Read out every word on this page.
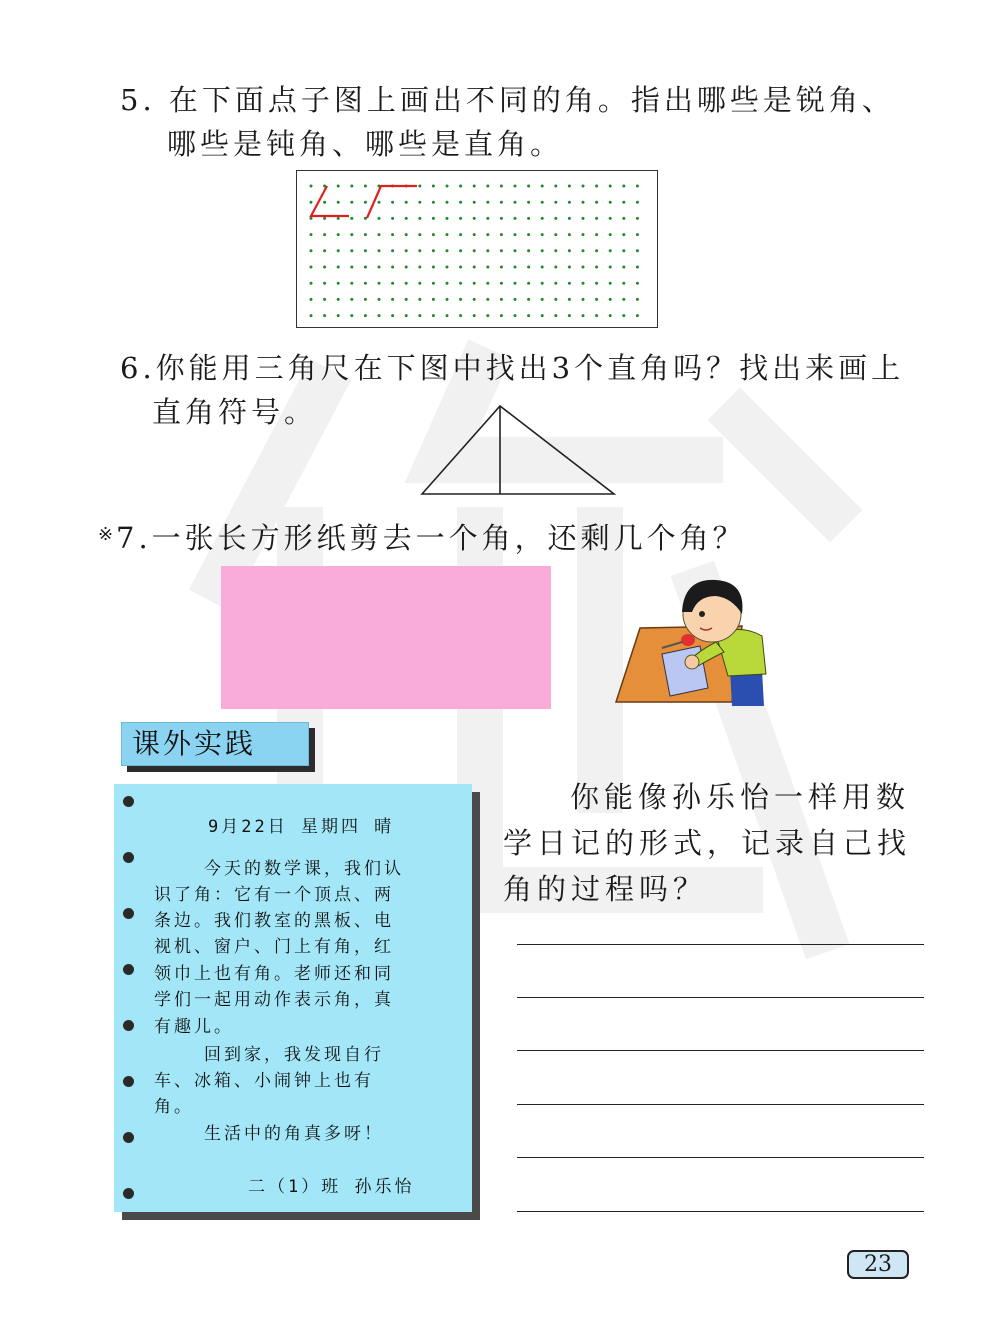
5. 在下面点子图上画出不同的角。指出哪些是锐角、
哪些是钝角、哪些是直角。
6.你能用三角尺在下图中找出3个直角吗？找出来画上
直角符号。
※ 7.一张长方形纸剪去一个角，还剩几个角？
课外实践
9月22日 星期四 晴
今天的数学课，我们认
识了角：它有一个顶点、两
条边。我们教室的黑板、电
视机、窗户、门上有角，红
领巾上也有角。老师还和同
学们一起用动作表示角，真
有趣儿。
回到家，我发现自行
车、冰箱、小闹钟上也有
角。
生活中的角真多呀！
二（1）班 孙乐怡
你能像孙乐怡一样用数
学日记的形式，记录自己找
角的过程吗？
23
